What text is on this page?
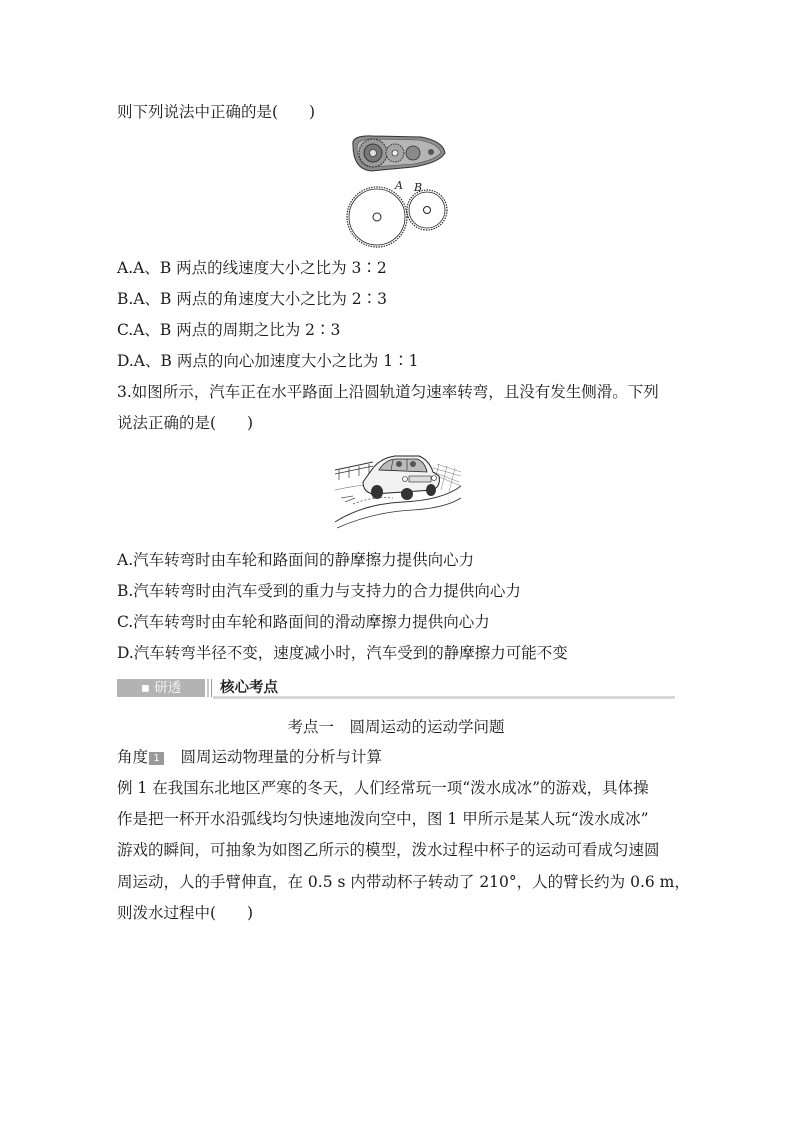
则下列说法中正确的是(　　)
A B
A.A、B 两点的线速度大小之比为 3∶2
B.A、B 两点的角速度大小之比为 2∶3
C.A、B 两点的周期之比为 2∶3
D.A、B 两点的向心加速度大小之比为 1∶1
3.如图所示，汽车正在水平路面上沿圆轨道匀速率转弯，且没有发生侧滑。下列
说法正确的是(　　)
A.汽车转弯时由车轮和路面间的静摩擦力提供向心力
B.汽车转弯时由汽车受到的重力与支持力的合力提供向心力
C.汽车转弯时由车轮和路面间的滑动摩擦力提供向心力
D.汽车转弯半径不变，速度减小时，汽车受到的静摩擦力可能不变
▪ 研透	核心考点
考点一　圆周运动的运动学问题
角度 1　圆周运动物理量的分析与计算
例 1 在我国东北地区严寒的冬天，人们经常玩一项“泼水成冰”的游戏，具体操
作是把一杯开水沿弧线均匀快速地泼向空中，图 1 甲所示是某人玩“泼水成冰”
游戏的瞬间，可抽象为如图乙所示的模型，泼水过程中杯子的运动可看成匀速圆
周运动，人的手臂伸直，在 0.5 s 内带动杯子转动了 210°，人的臂长约为 0.6 m，
则泼水过程中(　　)
